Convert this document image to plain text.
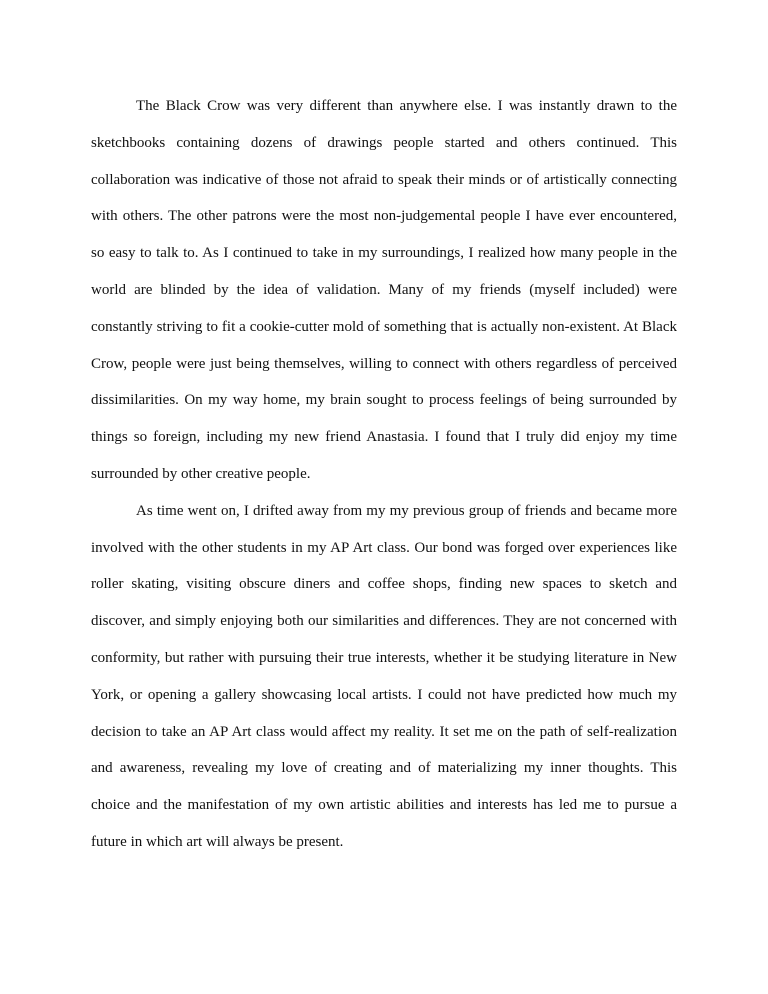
The Black Crow was very different than anywhere else. I was instantly drawn to the
sketchbooks containing dozens of drawings people started and others continued. This
collaboration was indicative of those not afraid to speak their minds or of artistically connecting
with others. The other patrons were the most non-judgemental people I have ever encountered,
so easy to talk to. As I continued to take in my surroundings, I realized how many people in the
world are blinded by the idea of validation. Many of my friends (myself included) were
constantly striving to fit a cookie-cutter mold of something that is actually non-existent. At Black
Crow, people were just being themselves, willing to connect with others regardless of perceived
dissimilarities. On my way home, my brain sought to process feelings of being surrounded by
things so foreign, including my new friend Anastasia. I found that I truly did enjoy my time
surrounded by other creative people.

As time went on, I drifted away from my my previous group of friends and became more
involved with the other students in my AP Art class. Our bond was forged over experiences like
roller skating, visiting obscure diners and coffee shops, finding new spaces to sketch and
discover, and simply enjoying both our similarities and differences. They are not concerned with
conformity, but rather with pursuing their true interests, whether it be studying literature in New
York, or opening a gallery showcasing local artists. I could not have predicted how much my
decision to take an AP Art class would affect my reality. It set me on the path of self-realization
and awareness, revealing my love of creating and of materializing my inner thoughts. This
choice and the manifestation of my own artistic abilities and interests has led me to pursue a
future in which art will always be present.
